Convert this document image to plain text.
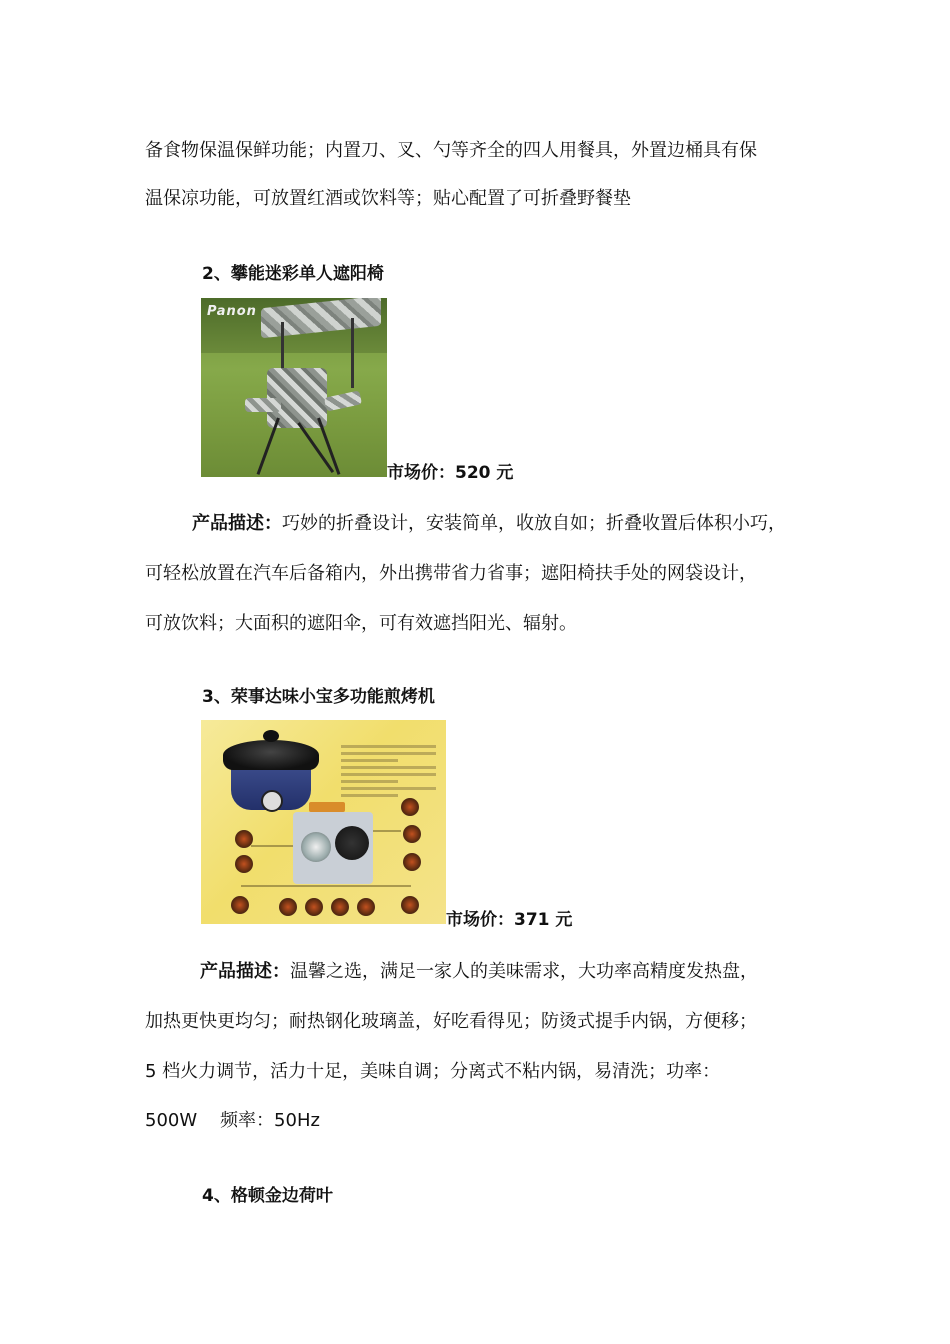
备食物保温保鲜功能；内置刀、叉、勺等齐全的四人用餐具，外置边桶具有保
温保凉功能，可放置红酒或饮料等；贴心配置了可折叠野餐垫
2、攀能迷彩单人遮阳椅
Panon
市场价：520 元
产品描述：巧妙的折叠设计，安装简单，收放自如；折叠收置后体积小巧，
可轻松放置在汽车后备箱内，外出携带省力省事；遮阳椅扶手处的网袋设计，
可放饮料；大面积的遮阳伞，可有效遮挡阳光、辐射。
3、荣事达味小宝多功能煎烤机
市场价：371 元
产品描述：温馨之选，满足一家人的美味需求，大功率高精度发热盘，
加热更快更均匀；耐热钢化玻璃盖，好吃看得见；防烫式提手内锅，方便移；
5 档火力调节，活力十足，美味自调；分离式不粘内锅，易清洗；功率：
500W    频率：50Hz
4、格顿金边荷叶
